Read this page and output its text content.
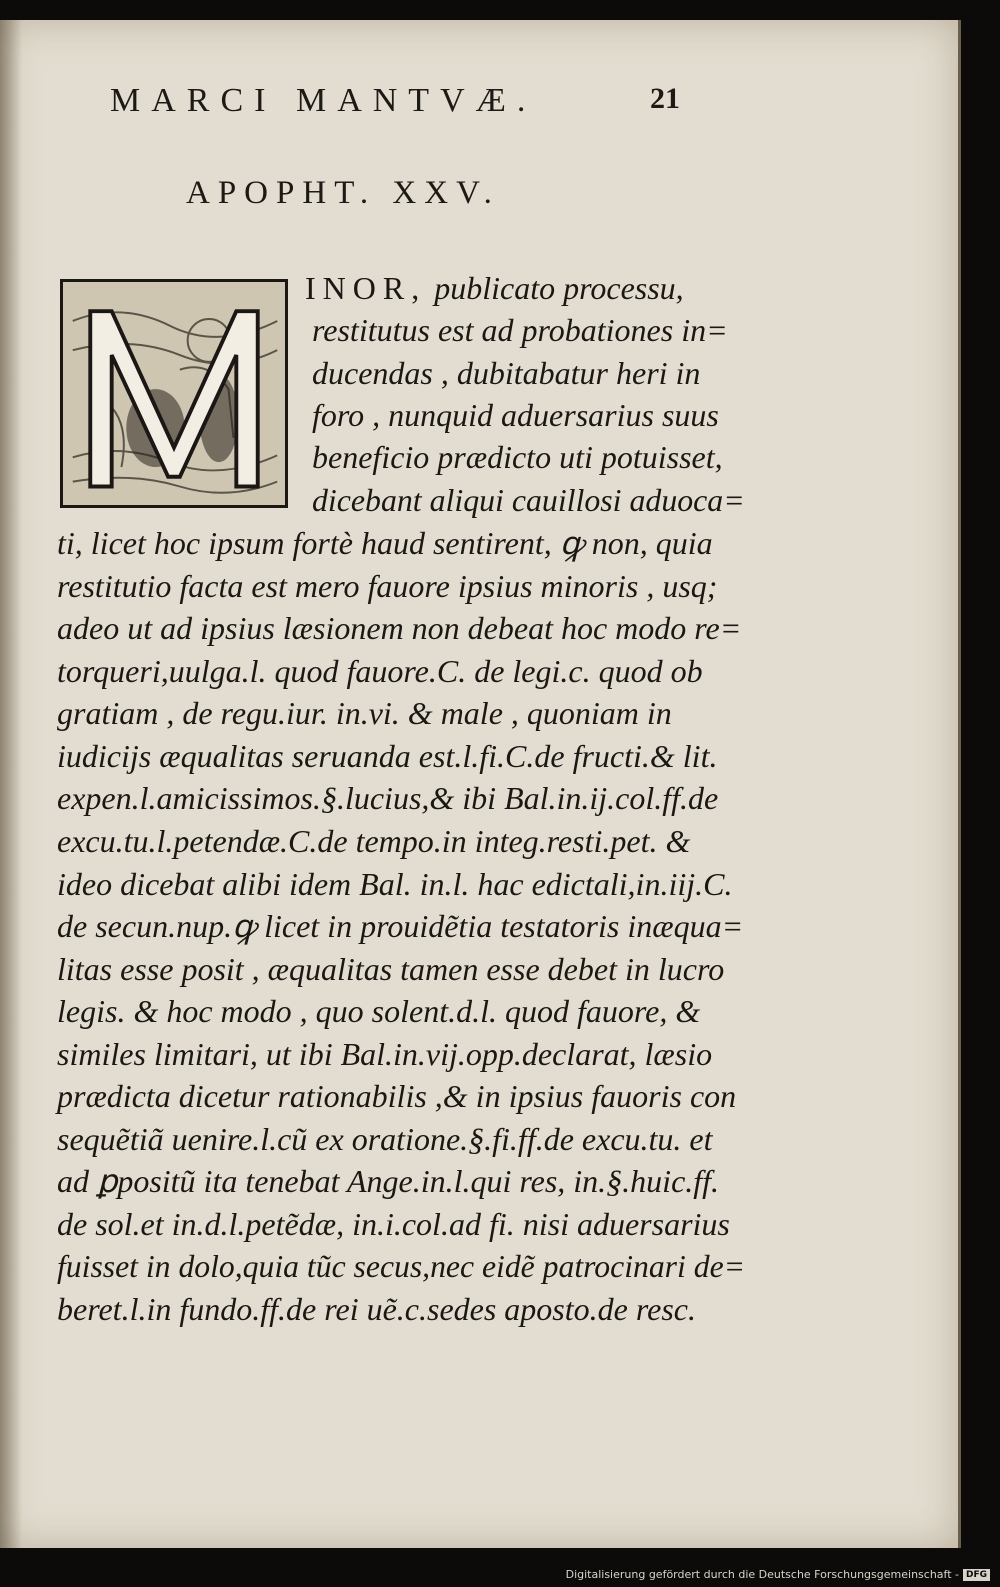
MARCI MANTVÆ.	21
APOPHT. XXV.
INOR, publicato processu,
restitutus est ad probationes in=
ducendas , dubitabatur heri in
foro , nunquid aduersarius suus
beneficio prædicto uti potuisset,
dicebant aliqui cauillosi aduoca=
ti, licet hoc ipsum fortè haud sentirent, ꝙ non, quia
restitutio facta est mero fauore ipsius minoris , usq;
adeo ut ad ipsius læsionem non debeat hoc modo re=
torqueri,uulga.l. quod fauore.C. de legi.c. quod ob
gratiam , de regu.iur. in.vi. & male , quoniam in
iudicijs æqualitas seruanda est.l.fi.C.de fructi.& lit.
expen.l.amicissimos.§.lucius,& ibi Bal.in.ij.col.ff.de
excu.tu.l.petendæ.C.de tempo.in integ.resti.pet. &
ideo dicebat alibi idem Bal. in.l. hac edictali,in.iij.C.
de secun.nup.ꝙ licet in prouidẽtia testatoris inæqua=
litas esse posit , æqualitas tamen esse debet in lucro
legis. & hoc modo , quo solent.d.l. quod fauore, &
similes limitari, ut ibi Bal.in.vij.opp.declarat, læsio
prædicta dicetur rationabilis ,& in ipsius fauoris con
sequẽtiã uenire.l.cũ ex oratione.§.fi.ff.de excu.tu. et
ad ꝑpositũ ita tenebat Ange.in.l.qui res, in.§.huic.ff.
de sol.et in.d.l.petẽdæ, in.i.col.ad fi. nisi aduersarius
fuisset in dolo,quia tũc secus,nec eidẽ patrocinari de=
beret.l.in fundo.ff.de rei uẽ.c.sedes aposto.de resc.
Digitalisierung gefördert durch die Deutsche Forschungsgemeinschaft - DFG
